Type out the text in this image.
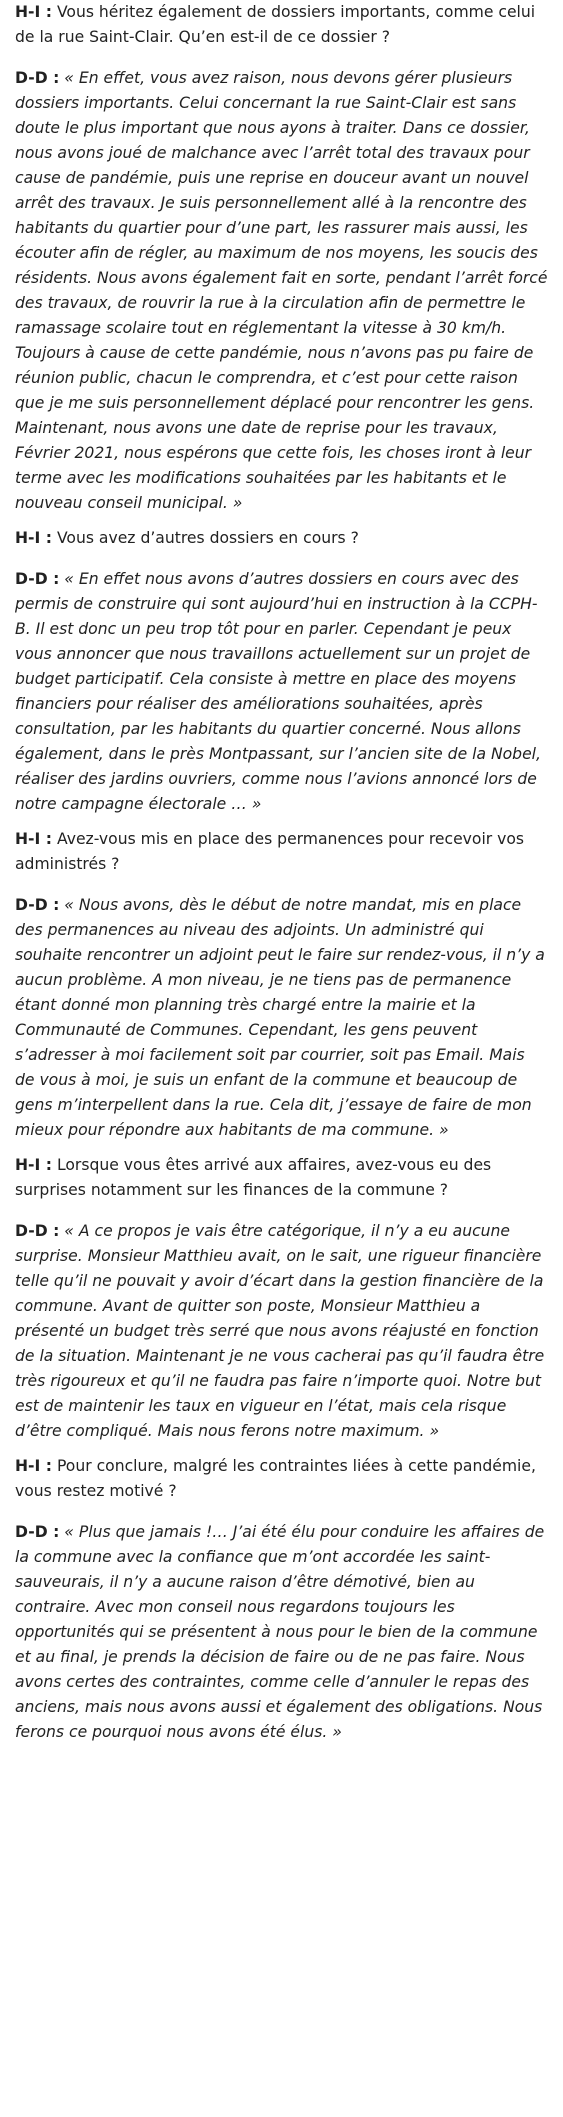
H-I : Vous héritez également de dossiers importants, comme celui de la rue Saint-Clair. Qu’en est-il de ce dossier ?

D-D : « En effet, vous avez raison, nous devons gérer plusieurs dossiers importants. Celui concernant la rue Saint-Clair est sans doute le plus important que nous ayons à traiter. Dans ce dossier, nous avons joué de malchance avec l’arrêt total des travaux pour cause de pandémie, puis une reprise en douceur avant un nouvel arrêt des travaux. Je suis personnellement allé à la rencontre des habitants du quartier pour d’une part, les rassurer mais aussi, les écouter afin de régler, au maximum de nos moyens, les soucis des résidents. Nous avons également fait en sorte, pendant l’arrêt forcé des travaux, de rouvrir la rue à la circulation afin de permettre le ramassage scolaire tout en réglementant la vitesse à 30 km/h. Toujours à cause de cette pandémie, nous n’avons pas pu faire de réunion public, chacun le comprendra, et c’est pour cette raison que je me suis personnellement déplacé pour rencontrer les gens. Maintenant, nous avons une date de reprise pour les travaux, Février 2021, nous espérons que cette fois, les choses iront à leur terme avec les modifications souhaitées par les habitants et le nouveau conseil municipal. »

H-I : Vous avez d’autres dossiers en cours ?

D-D : « En effet nous avons d’autres dossiers en cours avec des permis de construire qui sont aujourd’hui en instruction à la CCPH-B. Il est donc un peu trop tôt pour en parler. Cependant je peux vous annoncer que nous travaillons actuellement sur un projet de budget participatif. Cela consiste à mettre en place des moyens financiers pour réaliser des améliorations souhaitées, après consultation, par les habitants du quartier concerné. Nous allons également, dans le près Montpassant, sur l’ancien site de la Nobel, réaliser des jardins ouvriers, comme nous l’avions annoncé lors de notre campagne électorale … »

H-I : Avez-vous mis en place des permanences pour recevoir vos administrés ?

D-D : « Nous avons, dès le début de notre mandat, mis en place des permanences au niveau des adjoints. Un administré qui souhaite rencontrer un adjoint peut le faire sur rendez-vous, il n’y a aucun problème. A mon niveau, je ne tiens pas de permanence étant donné mon planning très chargé entre la mairie et la Communauté de Communes. Cependant, les gens peuvent s’adresser à moi facilement soit par courrier, soit pas Email. Mais de vous à moi, je suis un enfant de la commune et beaucoup de gens m’interpellent dans la rue. Cela dit, j’essaye de faire de mon mieux pour répondre aux habitants de ma commune. »

H-I : Lorsque vous êtes arrivé aux affaires, avez-vous eu des surprises notamment sur les finances de la commune ?

D-D : « A ce propos je vais être catégorique, il n’y a eu aucune surprise. Monsieur Matthieu avait, on le sait, une rigueur financière telle qu’il ne pouvait y avoir d’écart dans la gestion financière de la commune. Avant de quitter son poste, Monsieur Matthieu a présenté un budget très serré que nous avons réajusté en fonction de la situation. Maintenant je ne vous cacherai pas qu’il faudra être très rigoureux et qu’il ne faudra pas faire n’importe quoi. Notre but est de maintenir les taux en vigueur en l’état, mais cela risque d’être compliqué. Mais nous ferons notre maximum. »

H-I : Pour conclure, malgré les contraintes liées à cette pandémie, vous restez motivé ?

D-D : « Plus que jamais !… J’ai été élu pour conduire les affaires de la commune avec la confiance que m’ont accordée les saint-sauveurais, il n’y a aucune raison d’être démotivé, bien au contraire. Avec mon conseil nous regardons toujours les opportunités qui se présentent à nous pour le bien de la commune et au final, je prends la décision de faire ou de ne pas faire. Nous avons certes des contraintes, comme celle d’annuler le repas des anciens, mais nous avons aussi et également des obligations. Nous ferons ce pourquoi nous avons été élus. »
